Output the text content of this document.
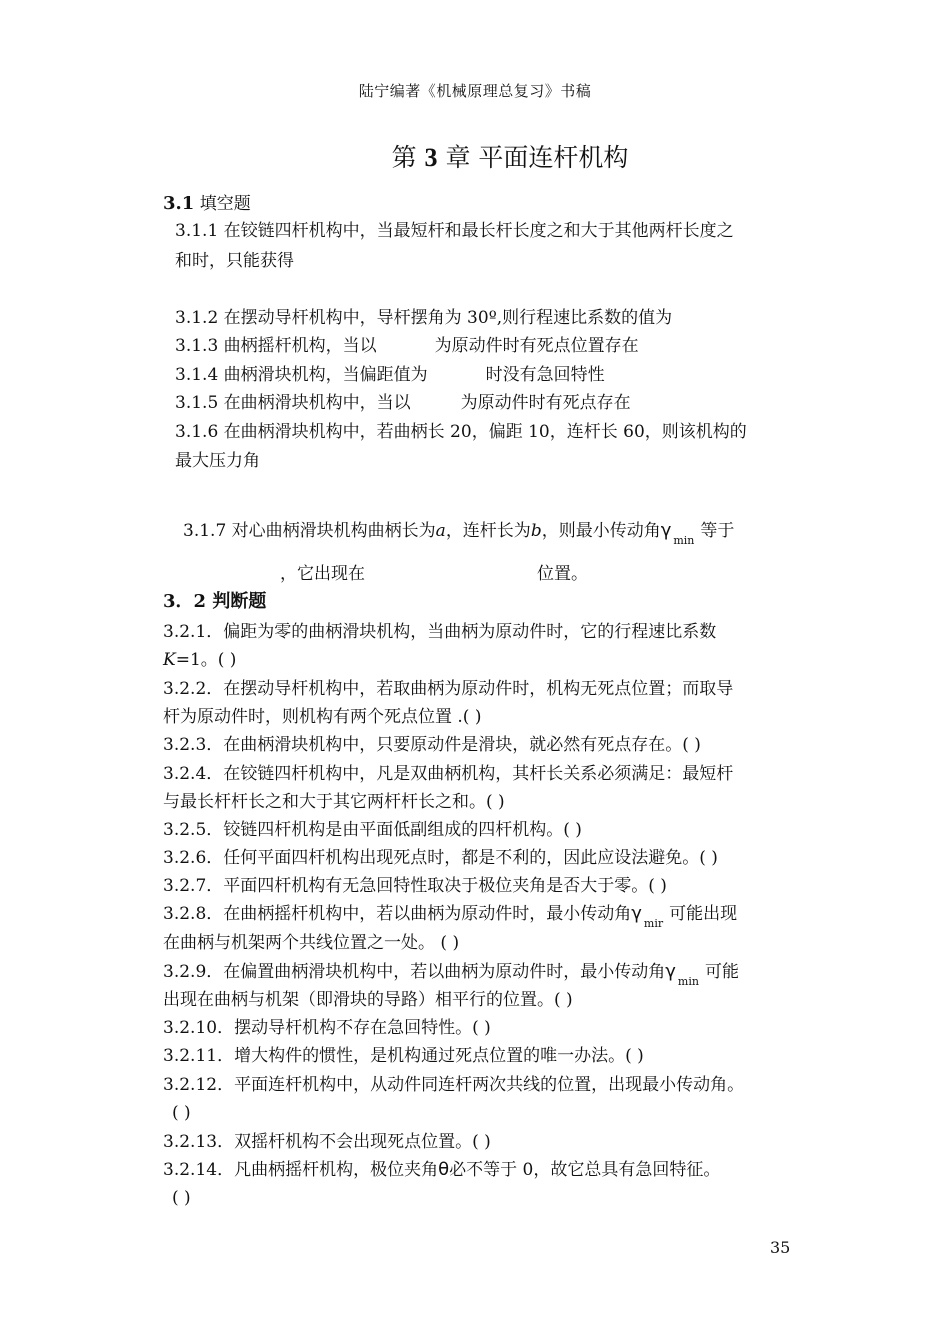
陆宁编著《机械原理总复习》书稿
第 3 章 平面连杆机构
3.1 填空题
3.1.1 在铰链四杆机构中，当最短杆和最长杆长度之和大于其他两杆长度之
和时，只能获得
3.1.2 在摆动导杆机构中，导杆摆角为 30º,则行程速比系数的值为
3.1.3 曲柄摇杆机构，当以	为原动件时有死点位置存在
3.1.4 曲柄滑块机构，当偏距值为	时没有急回特性
3.1.5 在曲柄滑块机构中，当以	为原动件时有死点存在
3.1.6 在曲柄滑块机构中，若曲柄长 20，偏距 10，连杆长 60，则该机构的
最大压力角
3.1.7 对心曲柄滑块机构曲柄长为a，连杆长为b，则最小传动角γ $_{min}$ 等于
，它出现在	位置。
3．2 判断题
3.2.1．偏距为零的曲柄滑块机构，当曲柄为原动件时，它的行程速比系数
K=1。( )
3.2.2．在摆动导杆机构中，若取曲柄为原动件时，机构无死点位置；而取导
杆为原动件时，则机构有两个死点位置 .( )
3.2.3．在曲柄滑块机构中，只要原动件是滑块，就必然有死点存在。( )
3.2.4．在铰链四杆机构中，凡是双曲柄机构，其杆长关系必须满足：最短杆
与最长杆杆长之和大于其它两杆杆长之和。( )
3.2.5．铰链四杆机构是由平面低副组成的四杆机构。( )
3.2.6．任何平面四杆机构出现死点时，都是不利的，因此应设法避免。( )
3.2.7．平面四杆机构有无急回特性取决于极位夹角是否大于零。( )
3.2.8．在曲柄摇杆机构中，若以曲柄为原动件时，最小传动角γ $_{mir}$ 可能出现
在曲柄与机架两个共线位置之一处。 ( )
3.2.9．在偏置曲柄滑块机构中，若以曲柄为原动件时，最小传动角γ $_{min}$ 可能
出现在曲柄与机架（即滑块的导路）相平行的位置。( )
3.2.10．摆动导杆机构不存在急回特性。( )
3.2.11．增大构件的惯性，是机构通过死点位置的唯一办法。( )
3.2.12．平面连杆机构中，从动件同连杆两次共线的位置，出现最小传动角。
( )
3.2.13．双摇杆机构不会出现死点位置。( )
3.2.14．凡曲柄摇杆机构，极位夹角θ必不等于 0，故它总具有急回特征。
( )
35
